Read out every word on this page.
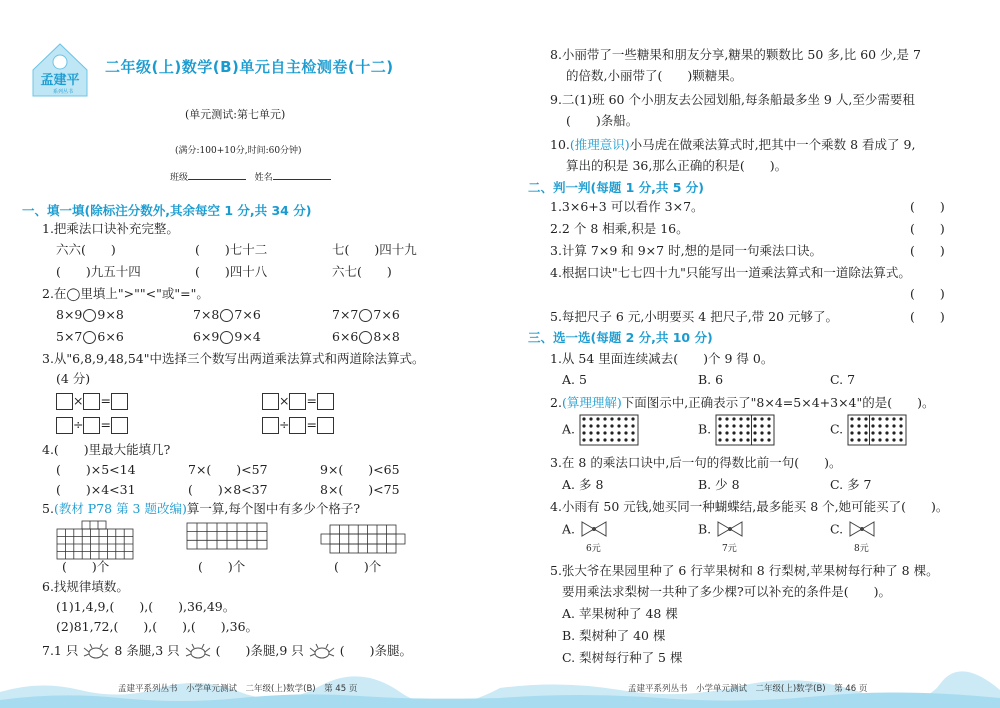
孟建平
系列丛书
二年级(上)数学(B)单元自主检测卷(十二)
(单元测试:第七单元)
(满分:100+10分,时间:60分钟)
班级	姓名
一、填一填(除标注分数外,其余每空 1 分,共 34 分)
1.把乘法口诀补充完整。
六六(　　)	(　　)七十二	七(　　)四十九
(　　)九五十四	(　　)四十八	六七(　　)
2.在◯里填上">""<"或"="。
8×9 9×8	7×8 7×6	7×7 7×6
5×7 6×6	6×9 9×4	6×6 8×8
3.从"6,8,9,48,54"中选择三个数写出两道乘法算式和两道除法算式。
(4 分)
× =	× =
÷ =	÷ =
4.(　　)里最大能填几?
(　　)×5<14	7×(　　)<57	9×(　　)<65
(　　)×4<31	(　　)×8<37	8×(　　)<75
5.(教材 P78 第 3 题改编)算一算,每个图中有多少个格子?
(　　)个	(　　)个	(　　)个
6.找规律填数。
(1)1,4,9,(　　),(　　),36,49。
(2)81,72,(　　),(　　),(　　),36。
7.1 只	8 条腿,3 只	(　　)条腿,9 只	(　　)条腿。
孟建平系列丛书　小学单元测试　二年级(上)数学(B)　第 45 页
8.小丽带了一些糖果和朋友分享,糖果的颗数比 50 多,比 60 少,是 7
的倍数,小丽带了(　　)颗糖果。
9.二(1)班 60 个小朋友去公园划船,每条船最多坐 9 人,至少需要租
(　　)条船。
10.(推理意识)小马虎在做乘法算式时,把其中一个乘数 8 看成了 9,
算出的积是 36,那么正确的积是(　　)。
二、判一判(每题 1 分,共 5 分)
1.3×6+3 可以看作 3×7。	(　　)
2.2 个 8 相乘,积是 16。	(　　)
3.计算 7×9 和 9×7 时,想的是同一句乘法口诀。	(　　)
4.根据口诀"七七四十九"只能写出一道乘法算式和一道除法算式。
(　　)
5.每把尺子 6 元,小明要买 4 把尺子,带 20 元够了。	(　　)
三、选一选(每题 2 分,共 10 分)
1.从 54 里面连续减去(　　)个 9 得 0。
A. 5	B. 6	C. 7
2.(算理理解)下面图示中,正确表示了"8×4=5×4+3×4"的是(　　)。
A.	B.	C.
3.在 8 的乘法口诀中,后一句的得数比前一句(　　)。
A. 多 8	B. 少 8	C. 多 7
4.小雨有 50 元钱,她买同一种蝴蝶结,最多能买 8 个,她可能买了(　　)。
A.
6元
B.
7元
C.
8元
5.张大爷在果园里种了 6 行苹果树和 8 行梨树,苹果树每行种了 8 棵。
要用乘法求梨树一共种了多少棵?可以补充的条件是(　　)。
A. 苹果树种了 48 棵
B. 梨树种了 40 棵
C. 梨树每行种了 5 棵
孟建平系列丛书　小学单元测试　二年级(上)数学(B)　第 46 页
